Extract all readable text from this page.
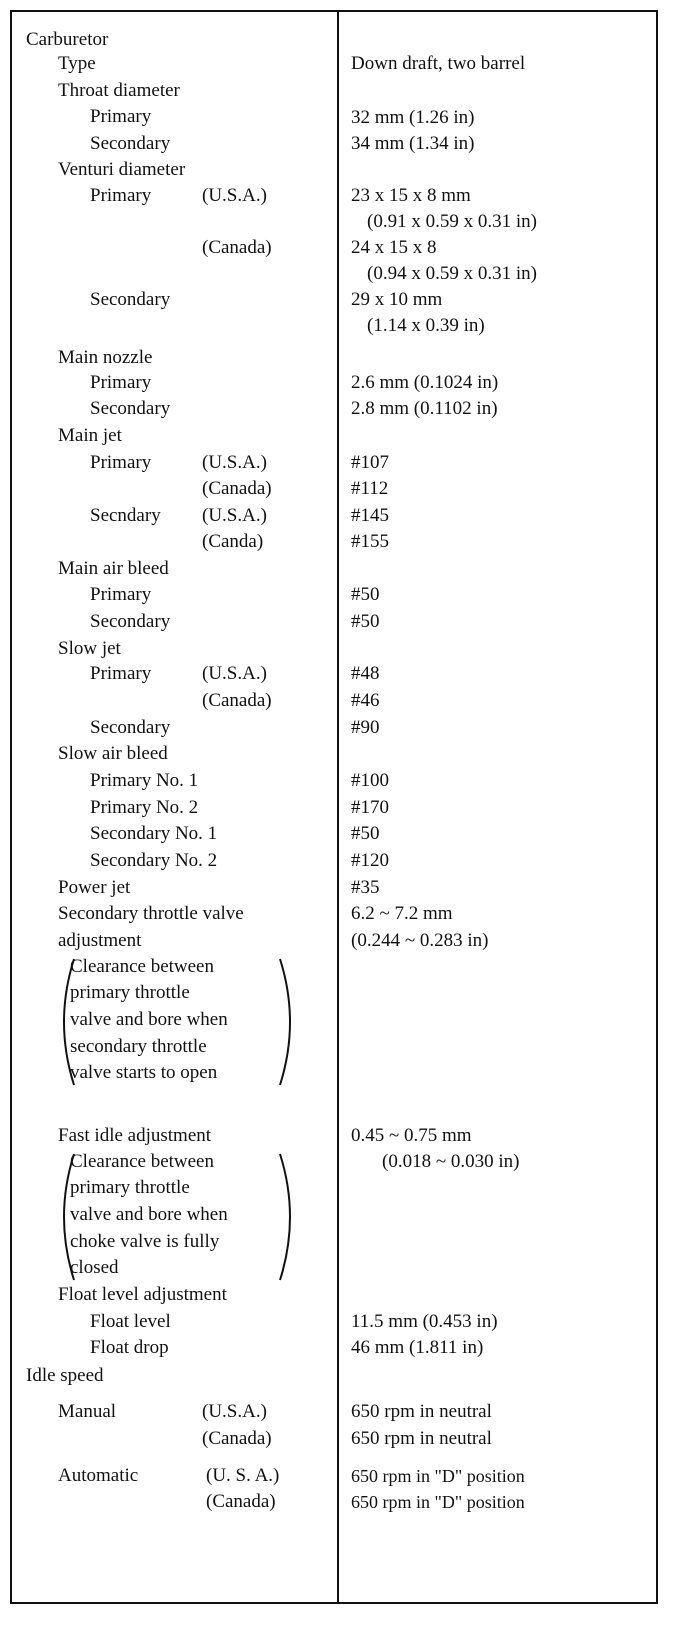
Carburetor
Type	Down draft, two barrel
Throat diameter
Primary	32 mm (1.26 in)
Secondary	34 mm (1.34 in)
Venturi diameter
Primary	(U.S.A.)	23 x 15 x 8 mm
(0.91 x 0.59 x 0.31 in)
(Canada)	24 x 15 x 8
(0.94 x 0.59 x 0.31 in)
Secondary	29 x 10 mm
(1.14 x 0.39 in)
Main nozzle
Primary	2.6 mm (0.1024 in)
Secondary	2.8 mm (0.1102 in)
Main jet
Primary	(U.S.A.)	#107
(Canada)	#112
Secndary (U.S.A.)	#145
(Canda)	#155
Main air bleed
Primary	#50
Secondary	#50
Slow jet
Primary	(U.S.A.)	#48
(Canada)	#46
Secondary	#90
Slow air bleed
Primary No. 1	#100
Primary No. 2	#170
Secondary No. 1	#50
Secondary No. 2	#120
Power jet	#35
Secondary throttle valve	6.2 ~ 7.2 mm
adjustment	(0.244 ~ 0.283 in)
Clearance between
primary throttle
valve and bore when
secondary throttle
valve starts to open
Fast idle adjustment	0.45 ~ 0.75 mm
(0.018 ~ 0.030 in)
Clearance between
primary throttle
valve and bore when
choke valve is fully
closed
Float level adjustment
Float level	11.5 mm (0.453 in)
Float drop	46 mm (1.811 in)
Idle speed
Manual	(U.S.A.)	650 rpm in neutral
(Canada)	650 rpm in neutral
Automatic	(U. S. A.)	650 rpm in "D" position
(Canada)	650 rpm in "D" position
